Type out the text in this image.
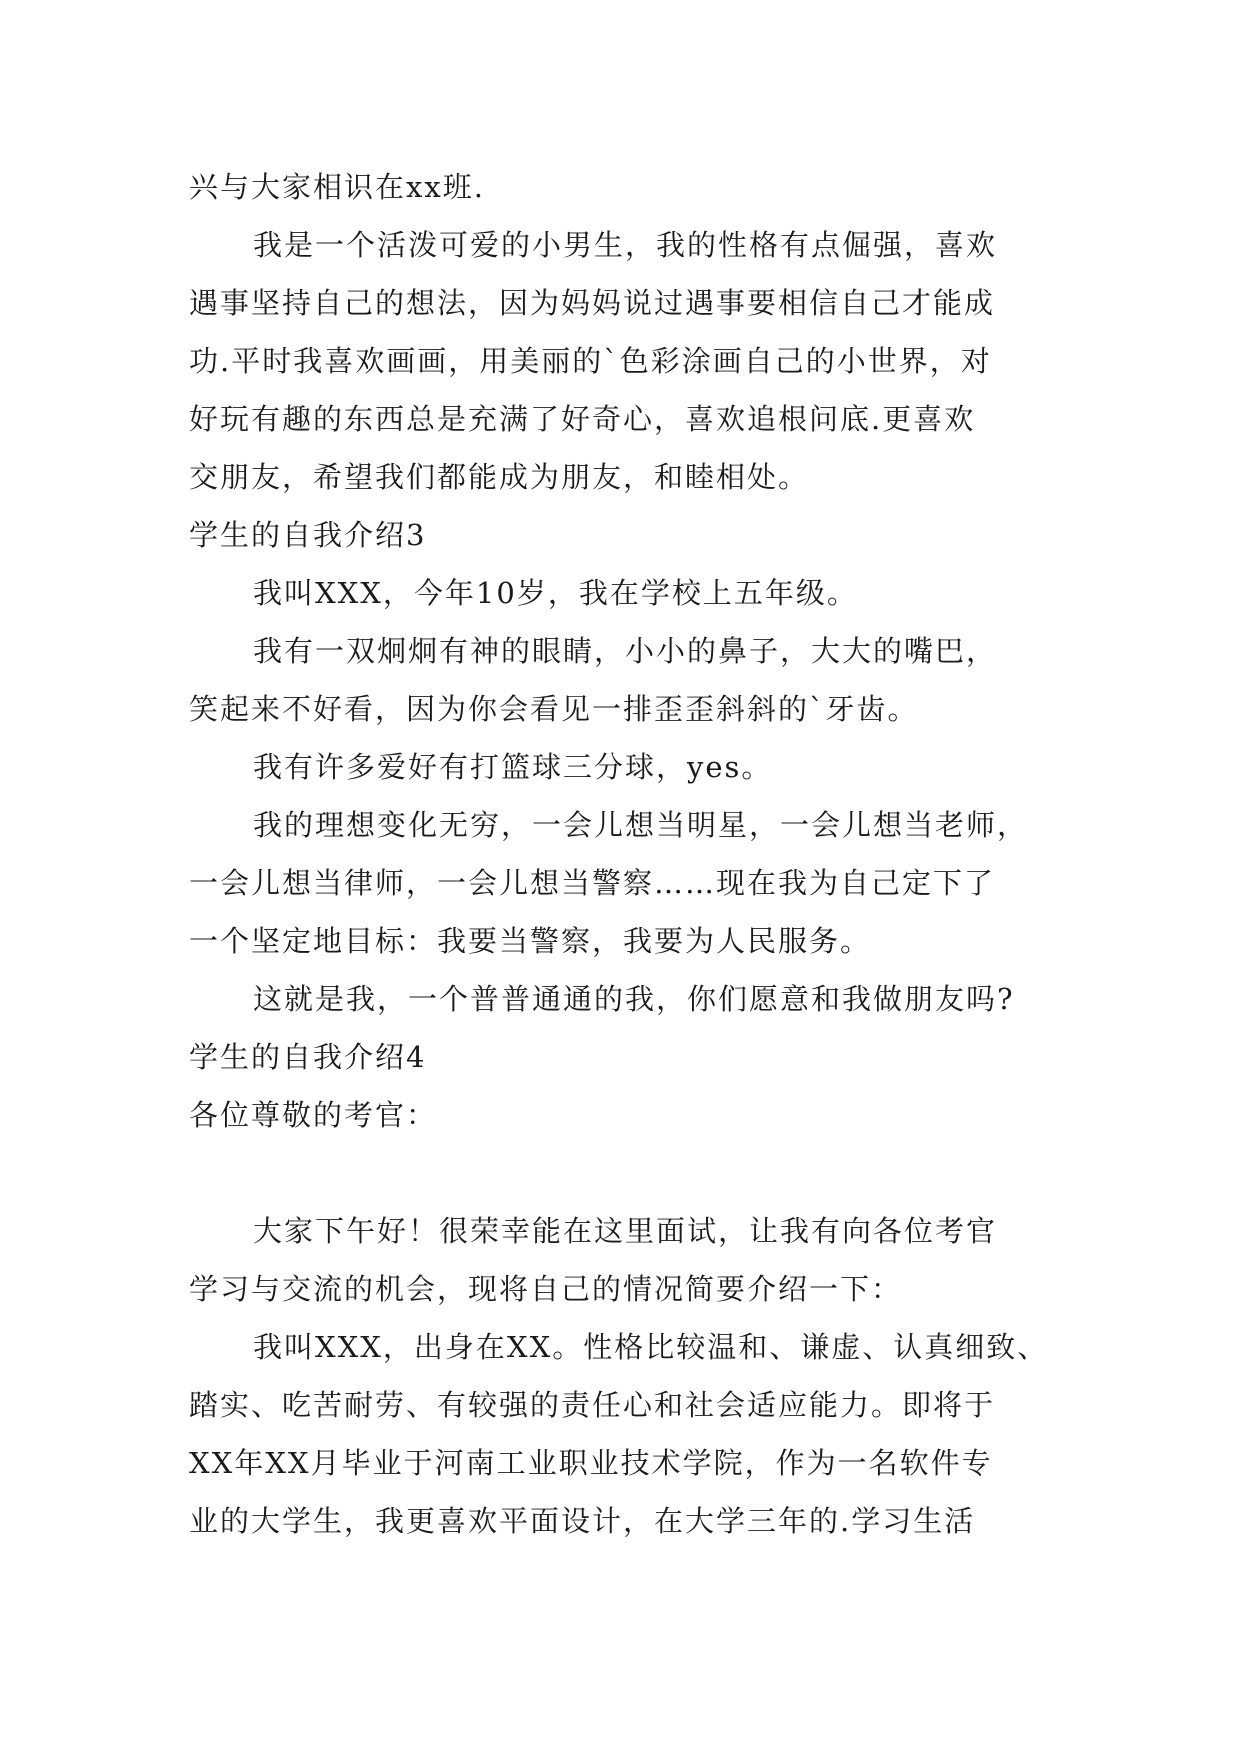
兴与大家相识在xx班.
我是一个活泼可爱的小男生，我的性格有点倔强，喜欢
遇事坚持自己的想法，因为妈妈说过遇事要相信自己才能成
功.平时我喜欢画画，用美丽的`色彩涂画自己的小世界，对
好玩有趣的东西总是充满了好奇心，喜欢追根问底.更喜欢
交朋友，希望我们都能成为朋友，和睦相处。
学生的自我介绍3
我叫XXX，今年10岁，我在学校上五年级。
我有一双炯炯有神的眼睛，小小的鼻子，大大的嘴巴，
笑起来不好看，因为你会看见一排歪歪斜斜的`牙齿。
我有许多爱好有打篮球三分球，yes。
我的理想变化无穷，一会儿想当明星，一会儿想当老师，
一会儿想当律师，一会儿想当警察……现在我为自己定下了
一个坚定地目标：我要当警察，我要为人民服务。
这就是我，一个普普通通的我，你们愿意和我做朋友吗?
学生的自我介绍4
各位尊敬的考官：
大家下午好！很荣幸能在这里面试，让我有向各位考官
学习与交流的机会，现将自己的情况简要介绍一下：
我叫XXX，出身在XX。性格比较温和、谦虚、认真细致、
踏实、吃苦耐劳、有较强的责任心和社会适应能力。即将于
XX年XX月毕业于河南工业职业技术学院，作为一名软件专
业的大学生，我更喜欢平面设计，在大学三年的.学习生活
